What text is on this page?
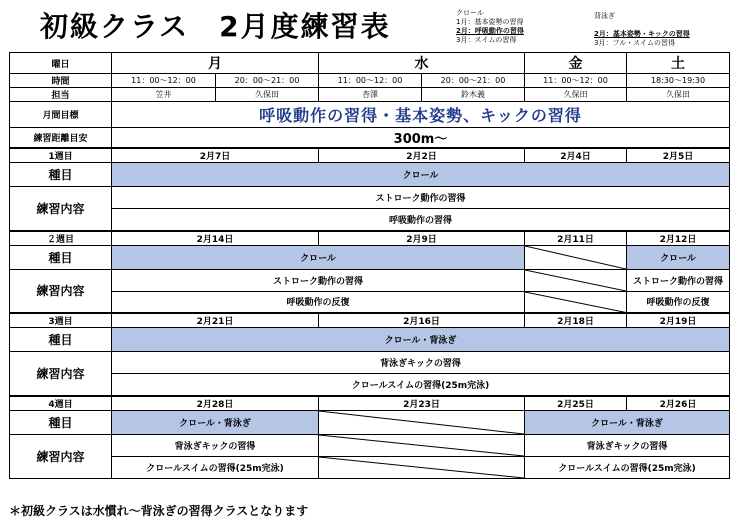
初級クラス　2月度練習表	クロール
1月：基本姿勢の習得
2月：呼吸動作の習得
3月：スイムの習得
背泳ぎ
2月：基本姿勢・キックの習得
3月：フル・スイムの習得
曜日	月		水		金	土
時間	11：00～12：00	20：00～21：00	11：00～12：00	20：00～21：00	11：00～12：00	18:30～19:30
担当	笠井	久保田	杏澤	鈴木義	久保田	久保田
月間目標	呼吸動作の習得・基本姿勢、キックの習得					
練習距離目安	300m～					
1週目	2月7日		2月2日		2月4日	2月5日
種目	クロール					
練習内容	ストローク動作の習得					
	呼吸動作の習得					
２週目	2月14日		2月9日		2月11日	2月12日
種目	クロール					クロール
練習内容	ストローク動作の習得					ストローク動作の習得
	呼吸動作の反復					呼吸動作の反復
3週目	2月21日		2月16日		2月18日	2月19日
種目	クロール・背泳ぎ					
練習内容	背泳ぎキックの習得					
	クロールスイムの習得(25m完泳)					
4週目	2月28日		2月23日		2月25日	2月26日
種目	クロール・背泳ぎ				クロール・背泳ぎ	
練習内容	背泳ぎキックの習得				背泳ぎキックの習得	
	クロールスイムの習得(25m完泳)				クロールスイムの習得(25m完泳)	
＊初級クラスは水慣れ～背泳ぎの習得クラスとなります
